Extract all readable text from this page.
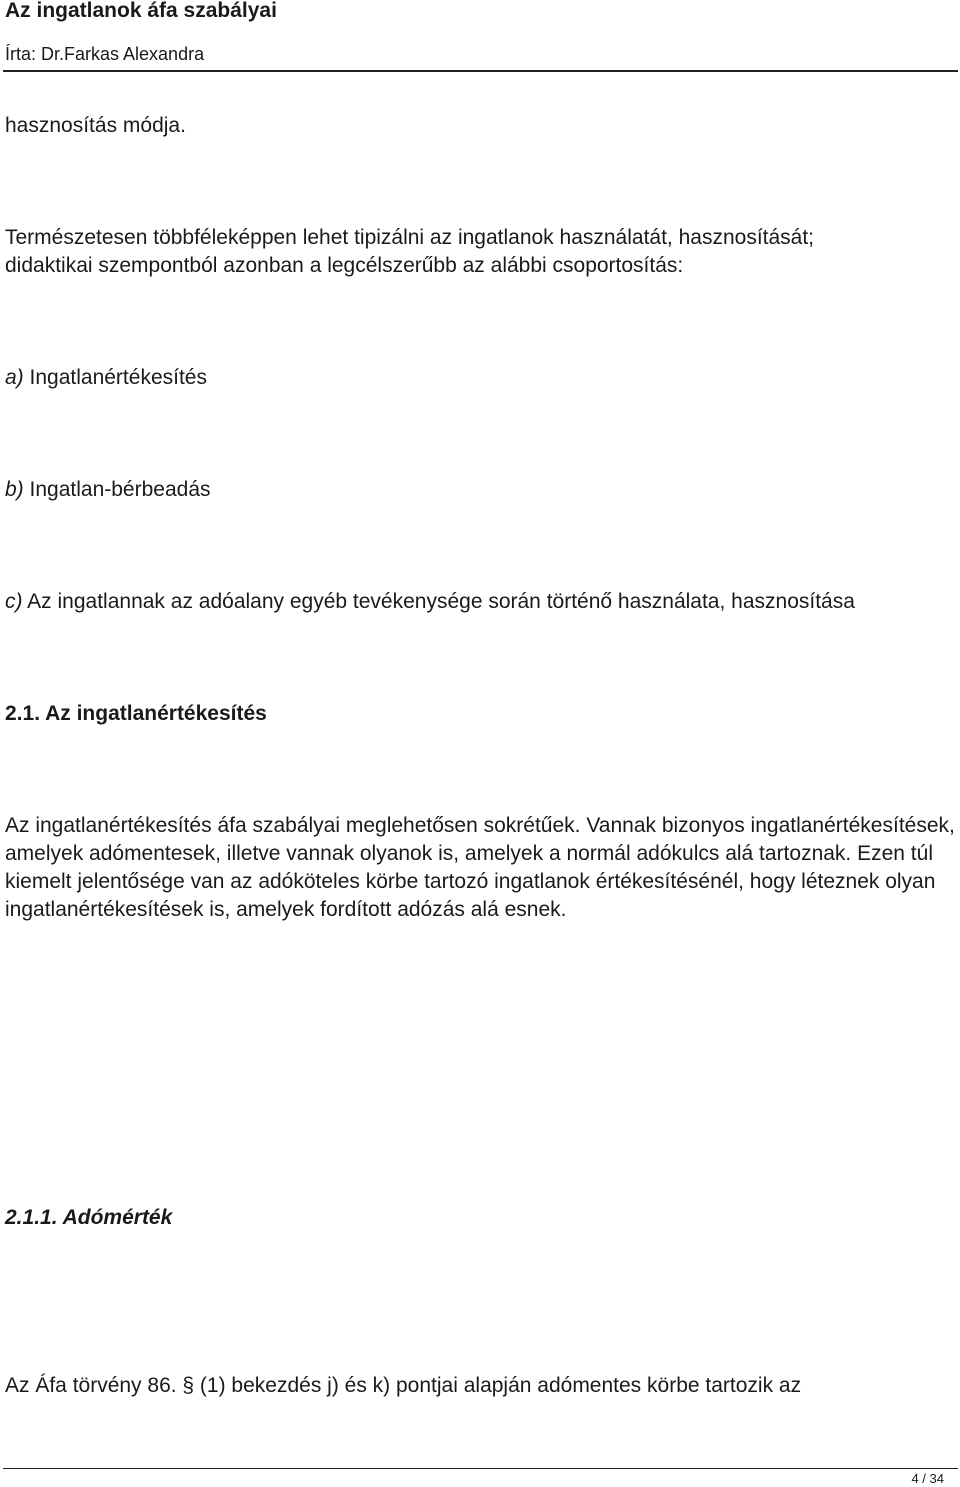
Az ingatlanok áfa szabályai
Írta: Dr.Farkas Alexandra
hasznosítás módja.
Természetesen többféleképpen lehet tipizálni az ingatlanok használatát, hasznosítását;
didaktikai szempontból azonban a legcélszerűbb az alábbi csoportosítás:
a) Ingatlanértékesítés
b) Ingatlan-bérbeadás
c) Az ingatlannak az adóalany egyéb tevékenysége során történő használata, hasznosítása
2.1. Az ingatlanértékesítés

Az ingatlanértékesítés áfa szabályai meglehetősen sokrétűek. Vannak bizonyos ingatlanértékesítések, amelyek adómentesek, illetve vannak olyanok is, amelyek a normál adókulcs alá tartoznak. Ezen túl kiemelt jelentősége van az adóköteles körbe tartozó ingatlanok értékesítésénél, hogy léteznek olyan ingatlanértékesítések is, amelyek fordított adózás alá esnek.

2.1.1. Adómérték
Az Áfa törvény 86. § (1) bekezdés j) és k) pontjai alapján adómentes körbe tartozik az
4 / 34
